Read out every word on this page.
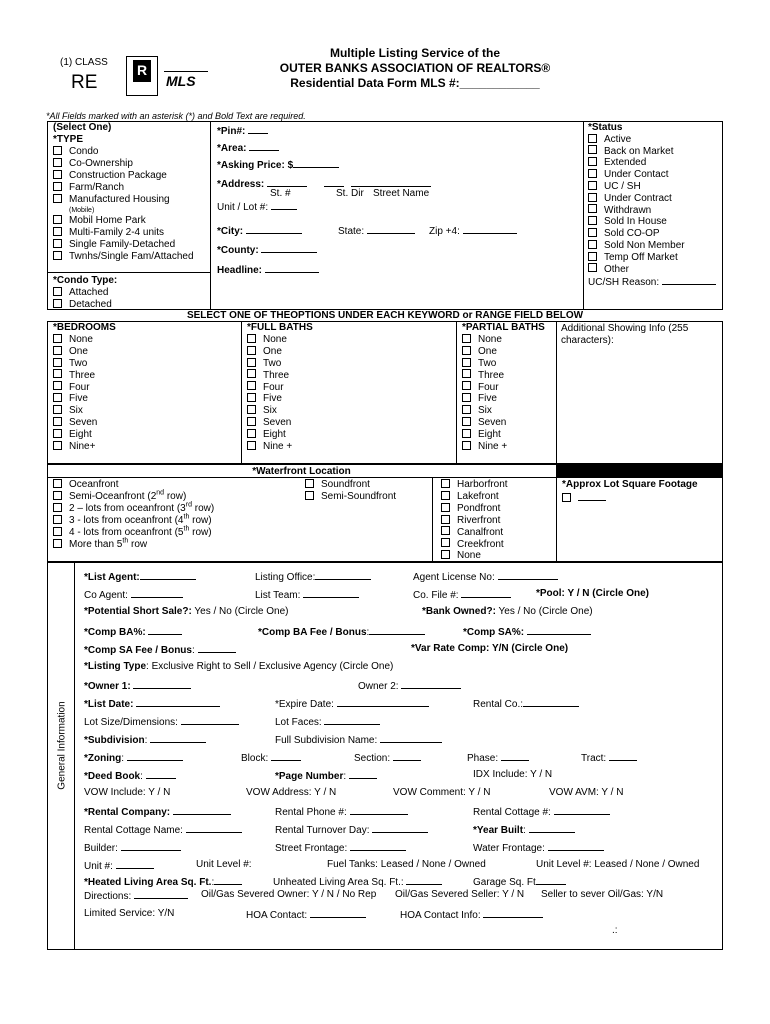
(1) CLASS
RE
R
MLS
Multiple Listing Service of the
OUTER BANKS ASSOCIATION OF REALTORS®
Residential Data Form MLS #:____________
*All Fields marked with an asterisk (*) and Bold Text are required.
(Select One)
*TYPE
Condo
Co-Ownership
Construction Package
Farm/Ranch
Manufactured Housing
(Mobile)
Mobil Home Park
Multi-Family 2-4 units
Single Family-Detached
Twnhs/Single Fam/Attached
*Condo Type:
Attached
Detached
*Pin#:
*Area:
*Asking Price: $
*Address:
St. #	St. Dir Street Name
Unit / Lot #:
*City:	State:	Zip +4:
*County:
Headline:
*Status
Active
Back on Market
Extended
Under Contact
UC / SH
Under Contract
Withdrawn
Sold In House
Sold CO-OP
Sold Non Member
Temp Off Market
Other
UC/SH Reason:
SELECT ONE OF THEOPTIONS UNDER EACH KEYWORD or RANGE FIELD BELOW
*BEDROOMS
None
One
Two
Three
Four
Five
Six
Seven
Eight
Nine+
*FULL BATHS
None
One
Two
Three
Four
Five
Six
Seven
Eight
Nine +
*PARTIAL BATHS
None
One
Two
Three
Four
Five
Six
Seven
Eight
Nine +
Additional Showing Info (255 characters):
*Waterfront Location
Oceanfront
Semi-Oceanfront (2nd row)
2 – lots from oceanfront (3rd row)
3 - lots from oceanfront (4th row)
4 - lots from oceanfront (5th row)
More than 5th row
Soundfront
Semi-Soundfront
Harborfront
Lakefront
Pondfront
Riverfront
Canalfront
Creekfront
None
*Approx Lot Square Footage
General Information
*List Agent:	Listing Office:	Agent License No:
Co Agent:	List Team:	Co. File #:	*Pool: Y / N (Circle One)
*Potential Short Sale?: Yes / No (Circle One)	*Bank Owned?: Yes / No (Circle One)
*Comp BA%:	*Comp BA Fee / Bonus:	*Comp SA%:
*Comp SA Fee / Bonus:	*Var Rate Comp: Y/N (Circle One)
*Listing Type: Exclusive Right to Sell / Exclusive Agency (Circle One)
*Owner 1:	Owner 2:
*List Date:	*Expire Date:	Rental Co.:
Lot Size/Dimensions:	Lot Faces:
*Subdivision:	Full Subdivision Name:
*Zoning:	Block:	Section:	Phase:	Tract:
*Deed Book:	*Page Number:	IDX Include: Y / N
VOW Include: Y / N	VOW Address: Y / N	VOW Comment: Y / N	VOW AVM: Y / N
*Rental Company:	Rental Phone #:	Rental Cottage #:
Rental Cottage Name:	Rental Turnover Day:	*Year Built:
Builder:	Street Frontage:	Water Frontage:
Unit #:	Unit Level #:	Fuel Tanks: Leased / None / Owned	Unit Level #: Leased / None / Owned
*Heated Living Area Sq. Ft.:	Unheated Living Area Sq. Ft.:	Garage Sq. Ft
Directions:	Oil/Gas Severed Owner: Y / N / No Rep Oil/Gas Severed Seller: Y / N Seller to sever Oil/Gas: Y/N
Limited Service: Y/N	HOA Contact:	HOA Contact Info:
.:
